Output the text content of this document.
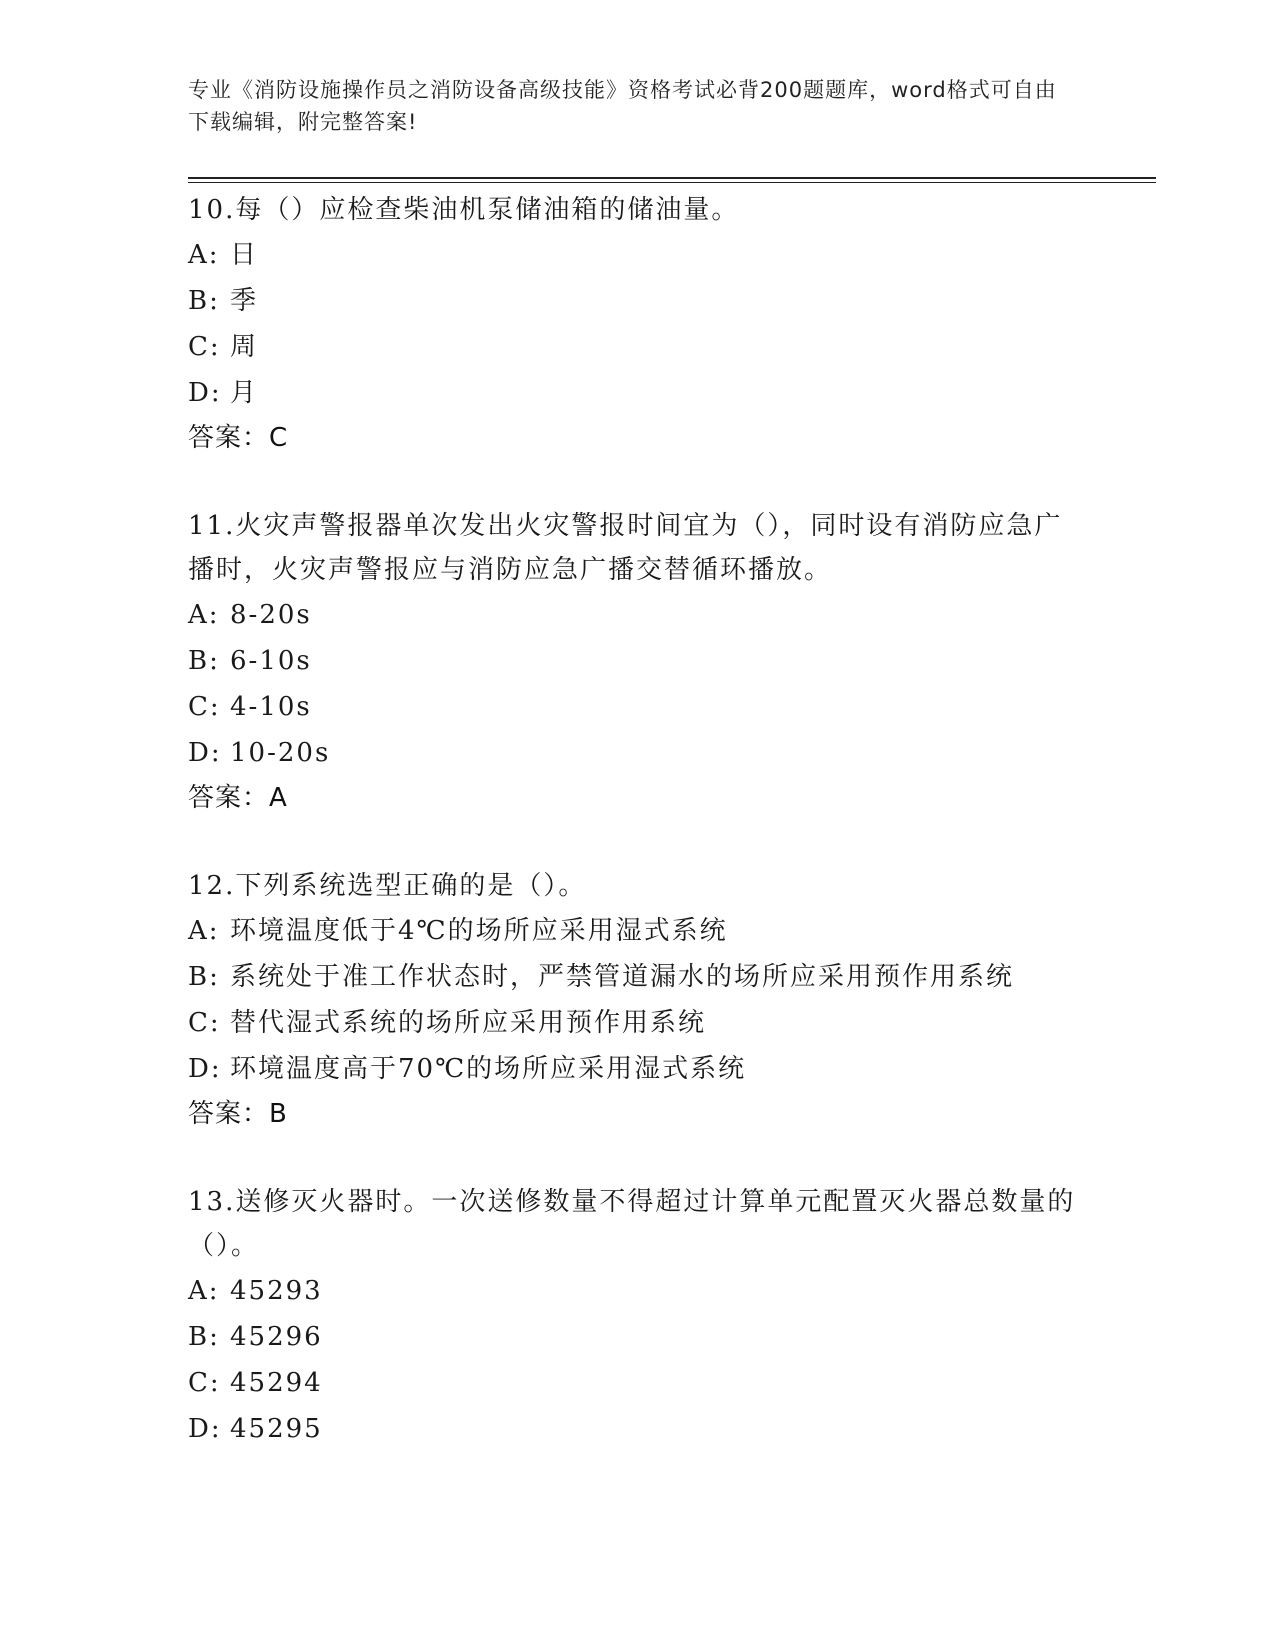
专业《消防设施操作员之消防设备高级技能》资格考试必背200题题库，word格式可自由下载编辑，附完整答案!
10.每（）应检查柴油机泵储油箱的储油量。
A: 日
B: 季
C: 周
D: 月
答案：C
11.火灾声警报器单次发出火灾警报时间宜为（），同时设有消防应急广播时，火灾声警报应与消防应急广播交替循环播放。
A: 8-20s
B: 6-10s
C: 4-10s
D: 10-20s
答案：A
12.下列系统选型正确的是（）。
A: 环境温度低于4℃的场所应采用湿式系统
B: 系统处于准工作状态时，严禁管道漏水的场所应采用预作用系统
C: 替代湿式系统的场所应采用预作用系统
D: 环境温度高于70℃的场所应采用湿式系统
答案：B
13.送修灭火器时。一次送修数量不得超过计算单元配置灭火器总数量的（）。
A: 45293
B: 45296
C: 45294
D: 45295
